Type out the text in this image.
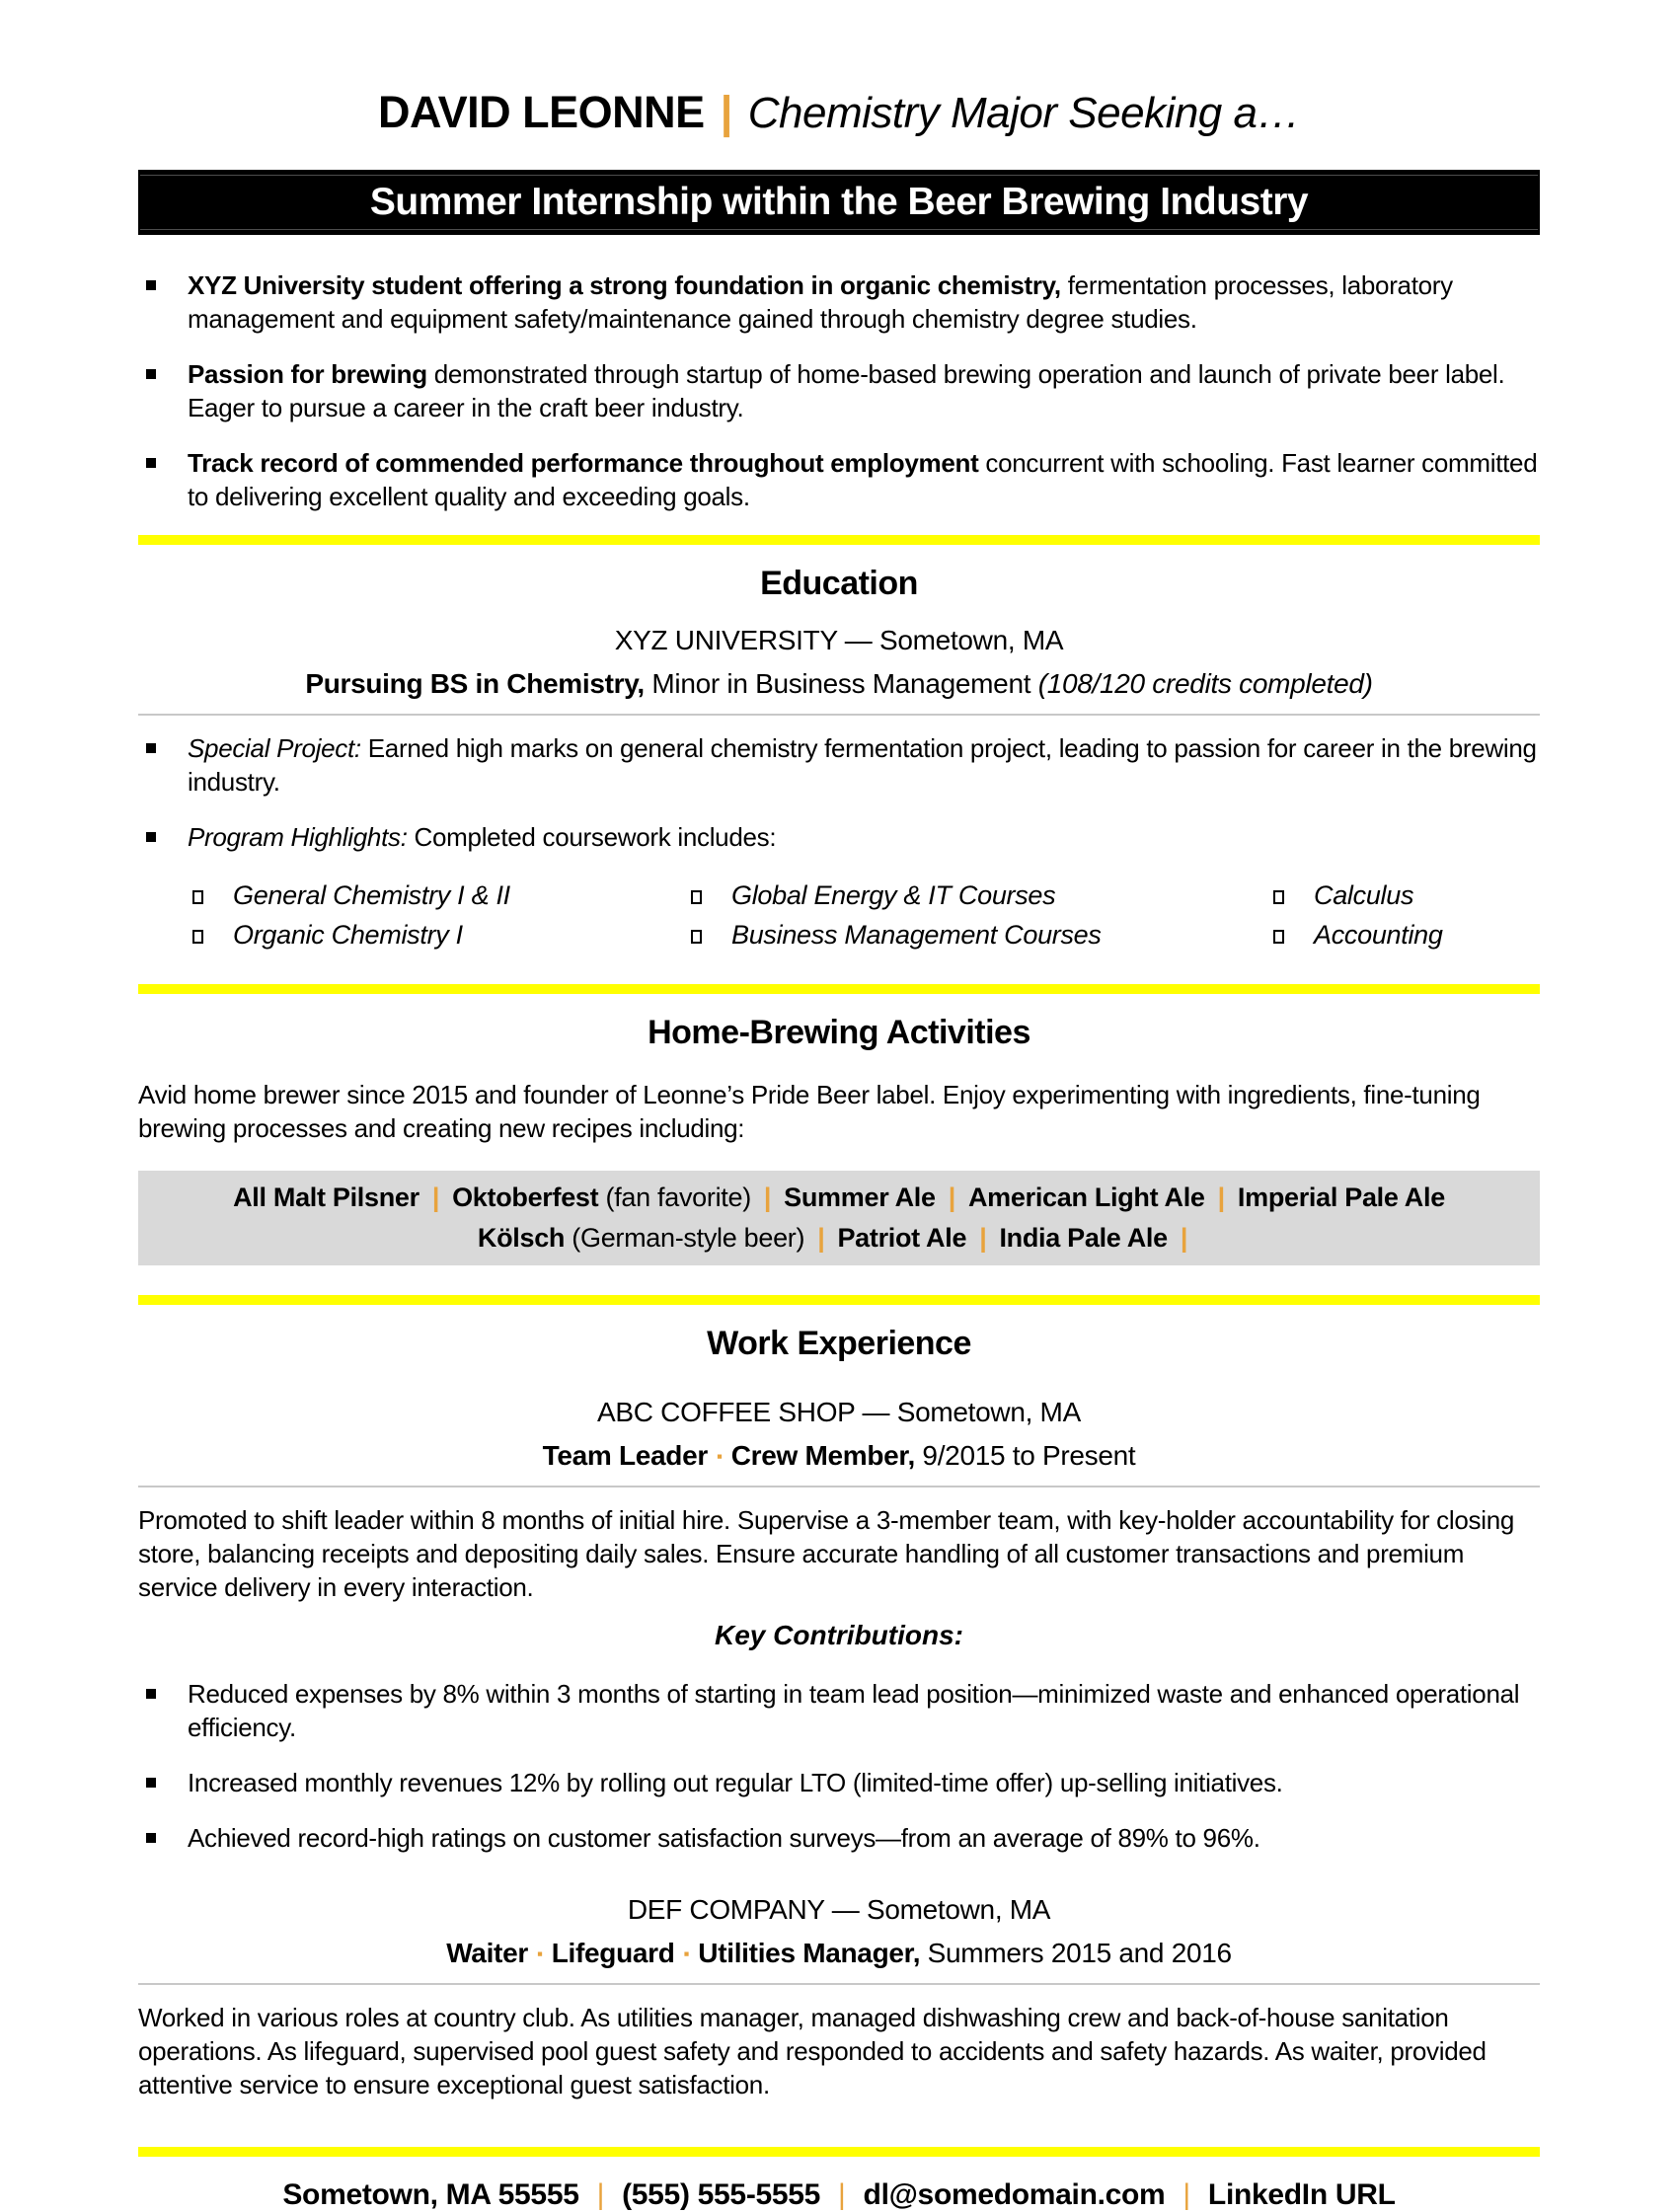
DAVID LEONNE | Chemistry Major Seeking a…
Summer Internship within the Beer Brewing Industry
XYZ University student offering a strong foundation in organic chemistry, fermentation processes, laboratory management and equipment safety/maintenance gained through chemistry degree studies.
Passion for brewing demonstrated through startup of home-based brewing operation and launch of private beer label. Eager to pursue a career in the craft beer industry.
Track record of commended performance throughout employment concurrent with schooling. Fast learner committed to delivering excellent quality and exceeding goals.
Education
XYZ UNIVERSITY — Sometown, MA
Pursuing BS in Chemistry, Minor in Business Management (108/120 credits completed)
Special Project: Earned high marks on general chemistry fermentation project, leading to passion for career in the brewing industry.
Program Highlights: Completed coursework includes:
General Chemistry I & II
Organic Chemistry I
Global Energy & IT Courses
Business Management Courses
Calculus
Accounting
Home-Brewing Activities

Avid home brewer since 2015 and founder of Leonne’s Pride Beer label. Enjoy experimenting with ingredients, fine-tuning brewing processes and creating new recipes including:

All Malt Pilsner | Oktoberfest (fan favorite) | Summer Ale | American Light Ale | Imperial Pale Ale
Kölsch (German-style beer) | Patriot Ale | India Pale Ale |
Work Experience
ABC COFFEE SHOP — Sometown, MA
Team Leader ▪ Crew Member, 9/2015 to Present

Promoted to shift leader within 8 months of initial hire. Supervise a 3-member team, with key-holder accountability for closing store, balancing receipts and depositing daily sales. Ensure accurate handling of all customer transactions and premium service delivery in every interaction.

Key Contributions:
Reduced expenses by 8% within 3 months of starting in team lead position—minimized waste and enhanced operational efficiency.
Increased monthly revenues 12% by rolling out regular LTO (limited-time offer) up-selling initiatives.
Achieved record-high ratings on customer satisfaction surveys—from an average of 89% to 96%.
DEF COMPANY — Sometown, MA
Waiter ▪ Lifeguard ▪ Utilities Manager, Summers 2015 and 2016

Worked in various roles at country club. As utilities manager, managed dishwashing crew and back-of-house sanitation operations. As lifeguard, supervised pool guest safety and responded to accidents and safety hazards. As waiter, provided attentive service to ensure exceptional guest satisfaction.

Sometown, MA 55555 | (555) 555-5555 | dl@somedomain.com | LinkedIn URL
